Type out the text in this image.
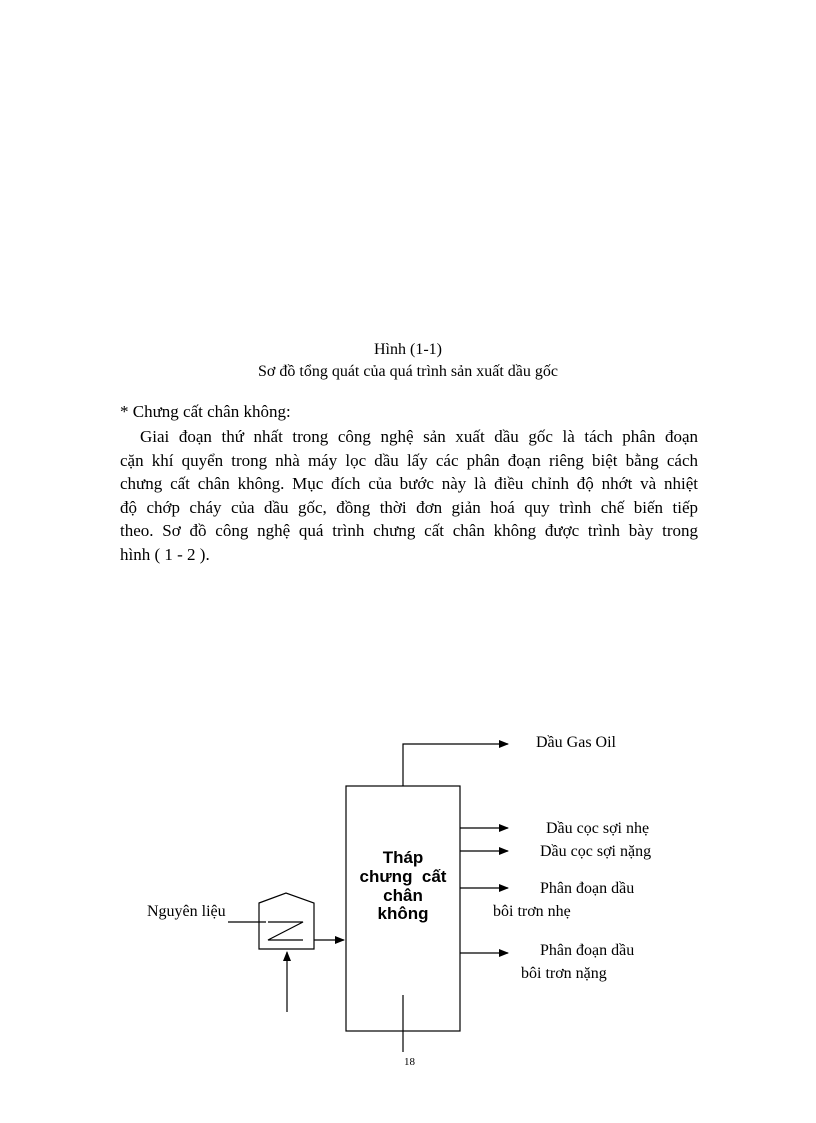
Hình (1-1)
Sơ đồ tổng quát của quá trình sản xuất dầu gốc
* Chưng cất chân không:
Giai đoạn thứ nhất trong công nghệ sản xuất dầu gốc là tách phân đoạn
cặn khí quyển trong nhà máy lọc dầu lấy các phân đoạn riêng biệt bằng cách
chưng cất chân không. Mục đích của bước này là điều chỉnh độ nhớt và nhiệt
độ chớp cháy của dầu gốc, đồng thời đơn giản hoá quy trình chế biến tiếp
theo. Sơ đồ công nghệ quá trình chưng cất chân không được trình bày trong
hình ( 1 - 2 ).
Dầu Gas Oil
Dầu cọc sợi nhẹ
Dầu cọc sợi nặng
Phân đoạn dầu
bôi trơn nhẹ
Phân đoạn dầu
bôi trơn nặng
Nguyên liệu
Tháp
chưng  cất
chân
không
18
